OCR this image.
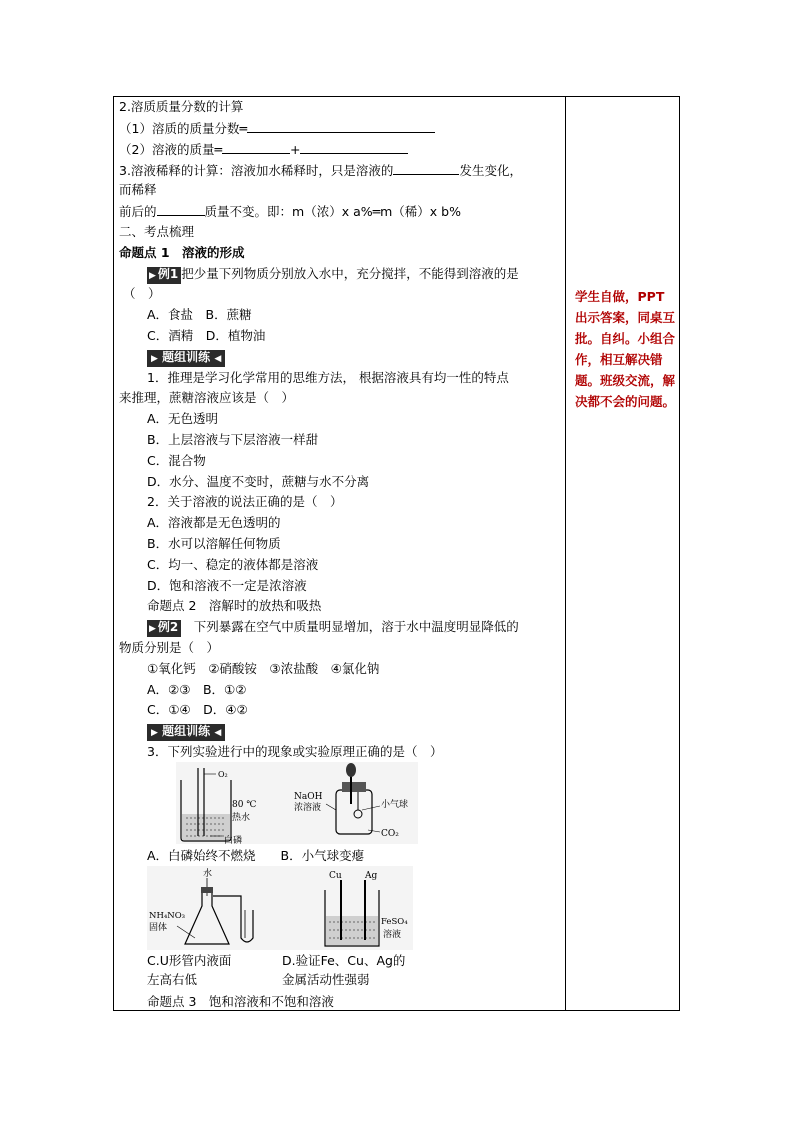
2.溶质质量分数的计算
（1）溶质的质量分数═
（2）溶液的质量═	+
3.溶液稀释的计算：溶液加水稀释时，只是溶液的	发生变化，
而稀释
前后的	质量不变。即：m（浓）x a%═m（稀）x b%
二、考点梳理
命题点 1　溶液的形成
▶ 例1 把少量下列物质分别放入水中，充分搅拌，不能得到溶液的是
（　）
A．食盐　B．蔗糖
C．酒精　D．植物油
▶ 题组训练 ◀
1．推理是学习化学常用的思维方法， 根据溶液具有均一性的特点
来推理，蔗糖溶液应该是（　）
A．无色透明
B．上层溶液与下层溶液一样甜
C．混合物
D．水分、温度不变时，蔗糖与水不分离
2．关于溶液的说法正确的是（　）
A．溶液都是无色透明的
B．水可以溶解任何物质
C．均一、稳定的液体都是溶液
D．饱和溶液不一定是浓溶液
命题点 2　溶解时的放热和吸热
▶ 例2　下列暴露在空气中质量明显增加，溶于水中温度明显降低的
物质分别是（　）
①氧化钙　②硝酸铵　③浓盐酸　④氯化钠
A．②③　B．①②
C．①④　D．④②
▶ 题组训练 ◀
3．下列实验进行中的现象或实验原理正确的是（　）
O₂
80 ℃
热水
白磷
NaOH
浓溶液	小气球
CO₂
A．白磷始终不燃烧　　B．小气球变瘪
水
NH₄NO₃
固体
Cu	Ag
FeSO₄
溶液
C.U形管内液面	D.验证Fe、Cu、Ag的
左高右低	金属活动性强弱
命题点 3　饱和溶液和不饱和溶液
学生自做，PPT出示答案，同桌互批。自纠。小组合作，相互解决错题。班级交流，解决都不会的问题。
